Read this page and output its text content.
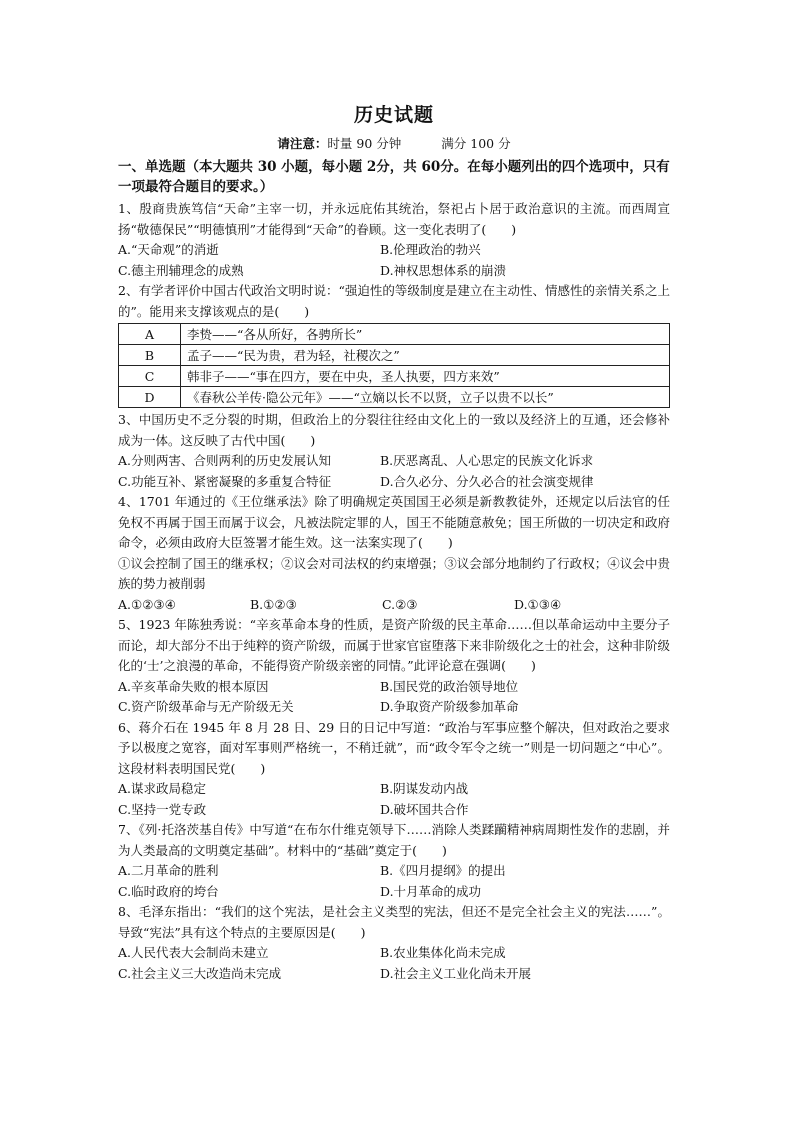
历史试题
请注意：时量 90 分钟	满分 100 分
一、单选题（本大题共 30 小题，每小题 2分，共 60分。在每小题列出的四个选项中，只有一项最符合题目的要求。）
1、殷商贵族笃信“天命”主宰一切，并永远庇佑其统治，祭祀占卜居于政治意识的主流。而西周宣扬“敬德保民”“明德慎刑”才能得到“天命”的眷顾。这一变化表明了(　　)
A.“天命观”的消逝	B.伦理政治的勃兴
C.德主刑辅理念的成熟	D.神权思想体系的崩溃
2、有学者评价中国古代政治文明时说：“强迫性的等级制度是建立在主动性、情感性的亲情关系之上的”。能用来支撑该观点的是(　　)
A	李贽——“各从所好，各骋所长”
B	孟子——“民为贵，君为轻，社稷次之”
C	韩非子——“事在四方，要在中央，圣人执要，四方来效”
D	《春秋公羊传·隐公元年》——“立嫡以长不以贤，立子以贵不以长”
3、中国历史不乏分裂的时期，但政治上的分裂往往经由文化上的一致以及经济上的互通，还会修补成为一体。这反映了古代中国(　　)
A.分则两害、合则两利的历史发展认知	B.厌恶离乱、人心思定的民族文化诉求
C.功能互补、紧密凝聚的多重复合特征	D.合久必分、分久必合的社会演变规律
4、1701 年通过的《王位继承法》除了明确规定英国国王必须是新教教徒外，还规定以后法官的任免权不再属于国王而属于议会，凡被法院定罪的人，国王不能随意赦免；国王所做的一切决定和政府命令，必须由政府大臣签署才能生效。这一法案实现了(　　)
①议会控制了国王的继承权；②议会对司法权的约束增强；③议会部分地制约了行政权；④议会中贵族的势力被削弱
A.①②③④	B.①②③	C.②③	D.①③④
5、1923 年陈独秀说：“辛亥革命本身的性质，是资产阶级的民主革命……但以革命运动中主要分子而论，却大部分不出于纯粹的资产阶级，而属于世家官宦堕落下来非阶级化之士的社会，这种非阶级化的‘士’之浪漫的革命，不能得资产阶级亲密的同情。”此评论意在强调(　　)
A.辛亥革命失败的根本原因	B.国民党的政治领导地位
C.资产阶级革命与无产阶级无关	D.争取资产阶级参加革命
6、蒋介石在 1945 年 8 月 28 日、29 日的日记中写道：“政治与军事应整个解决，但对政治之要求予以极度之宽容，面对军事则严格统一，不稍迁就”，而“政令军令之统一”则是一切问题之“中心”。这段材料表明国民党(　　)
A.谋求政局稳定	B.阴谋发动内战
C.坚持一党专政	D.破坏国共合作
7、《列·托洛茨基自传》中写道“在布尔什维克领导下……消除人类蹂躏精神病周期性发作的悲剧，并为人类最高的文明奠定基础”。材料中的“基础”奠定于(　　)
A.二月革命的胜利	B.《四月提纲》的提出
C.临时政府的垮台	D.十月革命的成功
8、毛泽东指出：“我们的这个宪法，是社会主义类型的宪法，但还不是完全社会主义的宪法……”。导致“宪法”具有这个特点的主要原因是(　　)
A.人民代表大会制尚未建立	B.农业集体化尚未完成
C.社会主义三大改造尚未完成	D.社会主义工业化尚未开展
